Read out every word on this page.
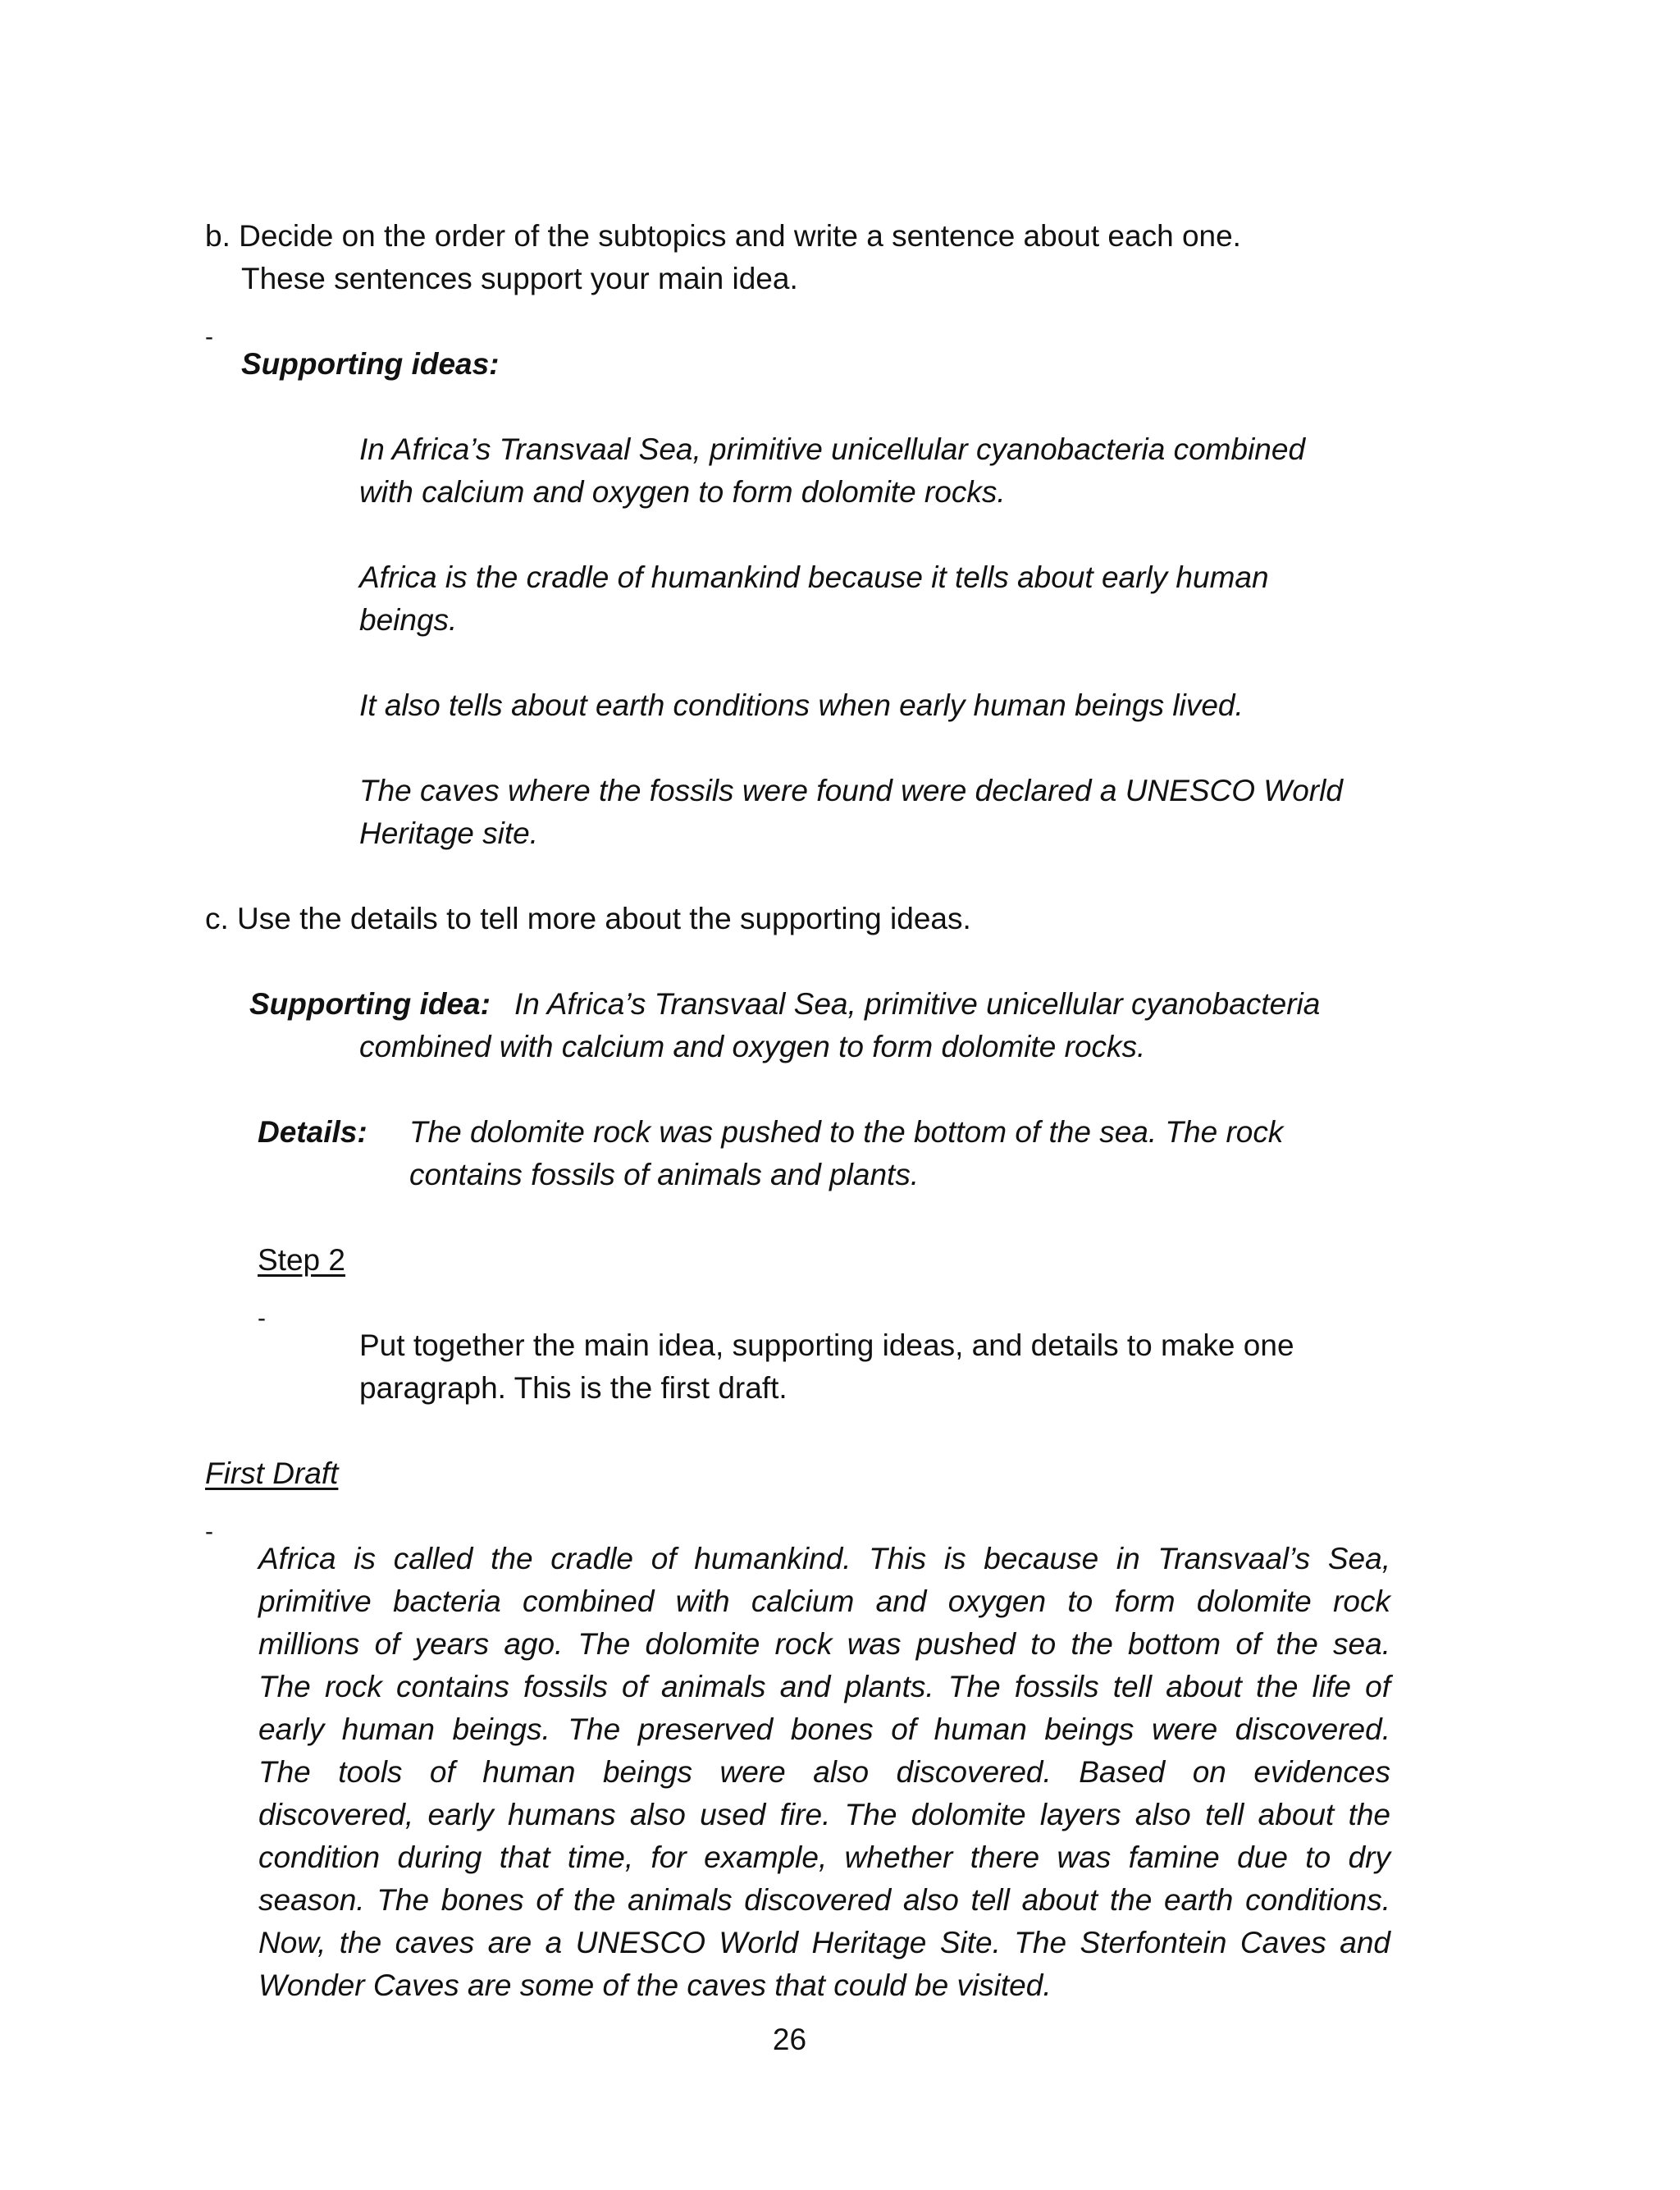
b. Decide on the order of the subtopics and write a sentence about each one.
These sentences support your main idea.
-
Supporting ideas:
In Africa’s Transvaal Sea, primitive unicellular cyanobacteria combined
with calcium and oxygen to form dolomite rocks.
Africa is the cradle of humankind because it tells about early human
beings.
It also tells about earth conditions when early human beings lived.
The caves where the fossils were found were declared a UNESCO World
Heritage site.
c. Use the details to tell more about the supporting ideas.
Supporting idea: In Africa’s Transvaal Sea, primitive unicellular cyanobacteria
combined with calcium and oxygen to form dolomite rocks.
Details: The dolomite rock was pushed to the bottom of the sea. The rock
contains fossils of animals and plants.
Step 2
-
Put together the main idea, supporting ideas, and details to make one
paragraph. This is the first draft.
First Draft
-
Africa is called the cradle of humankind. This is because in Transvaal’s Sea,
primitive bacteria combined with calcium and oxygen to form dolomite rock
millions of years ago. The dolomite rock was pushed to the bottom of the sea.
The rock contains fossils of animals and plants. The fossils tell about the life of
early human beings. The preserved bones of human beings were discovered.
The tools of human beings were also discovered. Based on evidences
discovered, early humans also used fire. The dolomite layers also tell about the
condition during that time, for example, whether there was famine due to dry
season. The bones of the animals discovered also tell about the earth conditions.
Now, the caves are a UNESCO World Heritage Site. The Sterfontein Caves and
Wonder Caves are some of the caves that could be visited.
26
